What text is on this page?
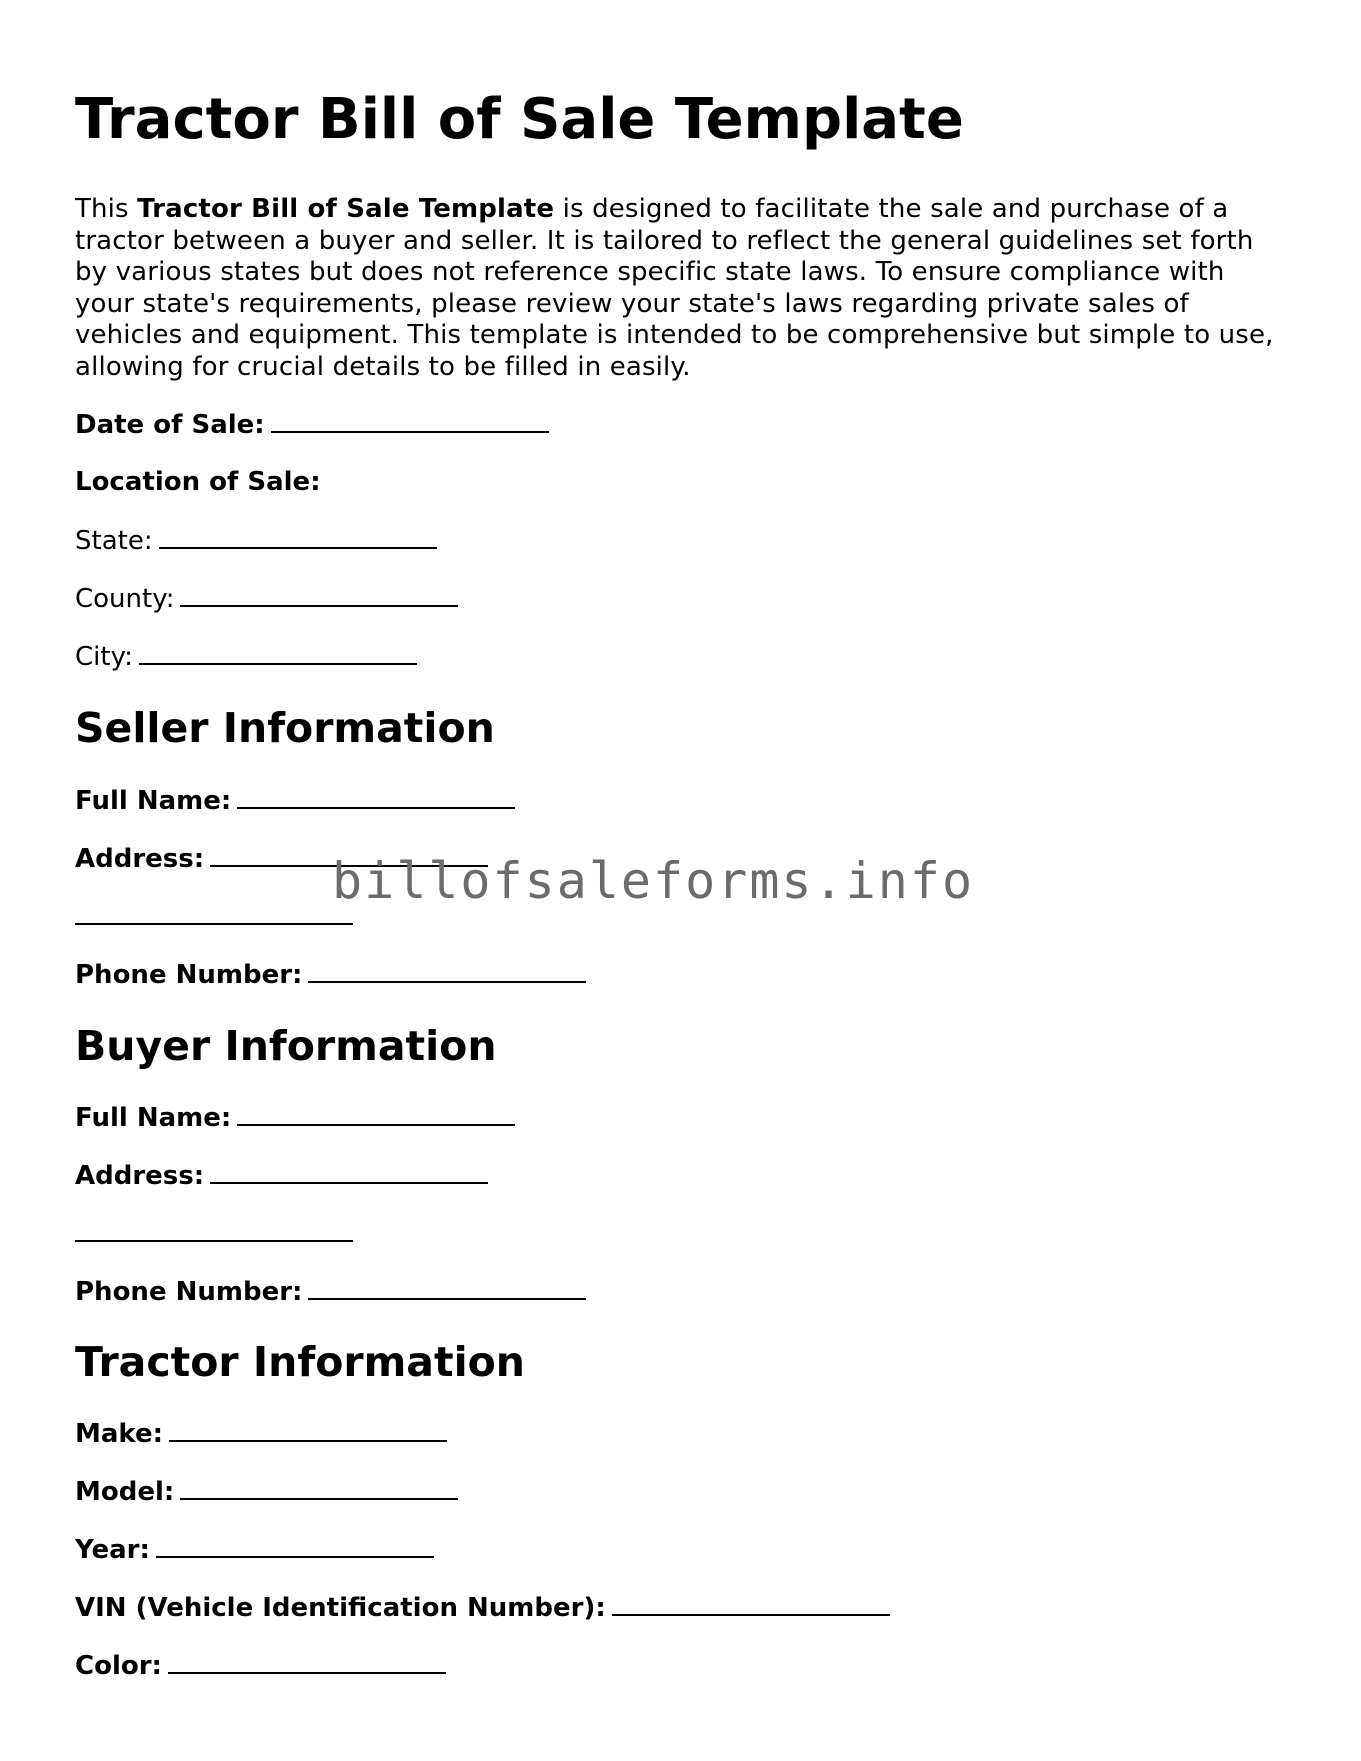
Tractor Bill of Sale Template

This Tractor Bill of Sale Template is designed to facilitate the sale and purchase of a tractor between a buyer and seller. It is tailored to reflect the general guidelines set forth by various states but does not reference specific state laws. To ensure compliance with your state's requirements, please review your state's laws regarding private sales of vehicles and equipment. This template is intended to be comprehensive but simple to use, allowing for crucial details to be filled in easily.

Date of Sale:

Location of Sale:

State:

County:

City:

Seller Information

Full Name:

Address:

Phone Number:

Buyer Information

Full Name:

Address:

Phone Number:

Tractor Information

Make:

Model:

Year:

VIN (Vehicle Identification Number):

Color:

billofsaleforms.info
